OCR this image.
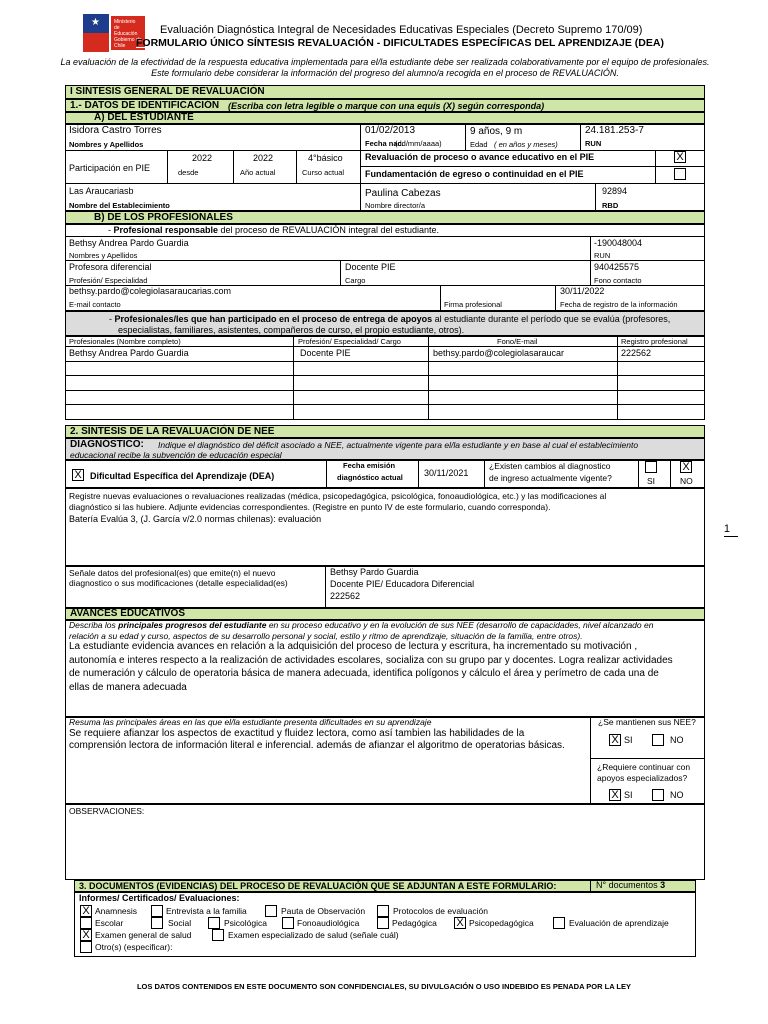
★	Ministerio de Educación Gobierno de Chile
Evaluación Diagnóstica Integral de Necesidades Educativas Especiales (Decreto Supremo 170/09)
FORMULARIO ÚNICO SÍNTESIS REVALUACIÓN - DIFICULTADES ESPECÍFICAS DEL APRENDIZAJE (DEA)
La evaluación de la efectividad de la respuesta educativa implementada para el/la estudiante debe ser realizada colaborativamente por el equipo de profesionales.
Este formulario debe considerar la información del progreso del alumno/a recogida en el proceso de REVALUACIÓN.
I SÍNTESIS GENERAL DE REVALUACIÓN
1.- DATOS DE IDENTIFICACIÓN (Escriba con letra legible o marque con una equis (X) según corresponda)
A) DEL ESTUDIANTE
Isidora Castro Torres
Nombres y Apellidos
01/02/2013
Fecha nac.
(dd/mm/aaaa)
9 años, 9 m
Edad ( en años y meses)
24.181.253-7
RUN
Participación en PIE
2022
desde
2022
Año actual
4°básico
Curso actual
Revaluación de proceso o avance educativo en el PIE	X
Fundamentación de egreso o continuidad en el PIE
Las Araucariasb
Nombre del Establecimiento
Paulina Cabezas
Nombre director/a
92894
RBD
B) DE LOS PROFESIONALES
- Profesional responsable del proceso de REVALUACIÓN integral del estudiante.
Bethsy Andrea Pardo Guardia
Nombres y Apellidos
-190048004
RUN
Profesora diferencial
Profesión/ Especialidad
Docente PIE
Cargo
940425575
Fono contacto
bethsy.pardo@colegiolasaraucarias.com
E-mail contacto	Firma profesional
30/11/2022
Fecha de registro de la información
- Profesionales/les que han participado en el proceso de entrega de apoyos al estudiante durante el período que se evalúa (profesores,
especialistas, familiares, asistentes, compañeros de curso, el propio estudiante, otros).
Profesionales (Nombre completo)	Profesión/ Especialidad/ Cargo	Fono/E-mail	Registro profesional
Bethsy Andrea Pardo Guardia	Docente PIE	bethsy.pardo@colegiolasaraucar	222562
2. SÍNTESIS DE LA REVALUACIÓN DE NEE
DIAGNÓSTICO: Indique el diagnóstico del déficit asociado a NEE, actualmente vigente para el/la estudiante y en base al cual el establecimiento
educacional recibe la subvención de educación especial
X Dificultad Específica del Aprendizaje (DEA)
Fecha emisión
diagnóstico actual 30/11/2021
¿Existen cambios al diagnostico
de ingreso actualmente vigente?	SI
X
NO
Registre nuevas evaluaciones o revaluaciones realizadas (médica, psicopedagógica, psicológica, fonoaudiológica, etc.) y las modificaciones al
diagnóstico si las hubiere. Adjunte evidencias correspondientes. (Registre en punto IV de este formulario, cuando corresponda).
Batería Evalúa 3, (J. García v/2.0 normas chilenas): evaluación
Señale datos del profesional(es) que emite(n) el nuevo
diagnostico o sus modificaciones (detalle especialidad(es)
Bethsy Pardo Guardia
Docente PIE/ Educadora Diferencial
222562
AVANCES EDUCATIVOS
Describa los principales progresos del estudiante en su proceso educativo y en la evolución de sus NEE (desarrollo de capacidades, nivel alcanzado en
relación a su edad y curso, aspectos de su desarrollo personal y social, estilo y ritmo de aprendizaje, situación de la familia, entre otros).
La estudiante evidencia avances en relación a la adquisición del proceso de lectura y escritura, ha incrementado su motivación ,
autonomía e interes respecto a la realización de actividades escolares, socializa con su grupo par y docentes. Logra realizar actividades
de numeración y cálculo de operatoria básica de manera adecuada, identifica polígonos y cálculo el área y perímetro de cada una de
ellas de manera adecuada
Resuma las principales áreas en las que el/la estudiante presenta dificultades en su aprendizaje
Se requiere afianzar los aspectos de exactitud y fluidez lectora, como así tambien las habilidades de la
comprensión lectora de información literal e inferencial. además de afianzar el algoritmo de operatorias básicas.
¿Se mantienen sus NEE?
X SI	NO
¿Requiere continuar con
apoyos especializados?
X SI	NO
OBSERVACIONES:
3. DOCUMENTOS (EVIDENCIAS) DEL PROCESO DE REVALUACIÓN QUE SE ADJUNTAN A ESTE FORMULARIO:	N° documentos 3
Informes/ Certificados/ Evaluaciones:
X Anamnesis	Entrevista a la familia	Pauta de Observación	Protocolos de evaluación
Escolar	Social	Psicológica	Fonoaudiológica	Pedagógica X Psicopedagógica	Evaluación de aprendizaje
X Examen general de salud	Examen especializado de salud (señale cuál)
Otro(s) (especificar):
1
LOS DATOS CONTENIDOS EN ESTE DOCUMENTO SON CONFIDENCIALES, SU DIVULGACIÓN O USO INDEBIDO ES PENADA POR LA LEY
